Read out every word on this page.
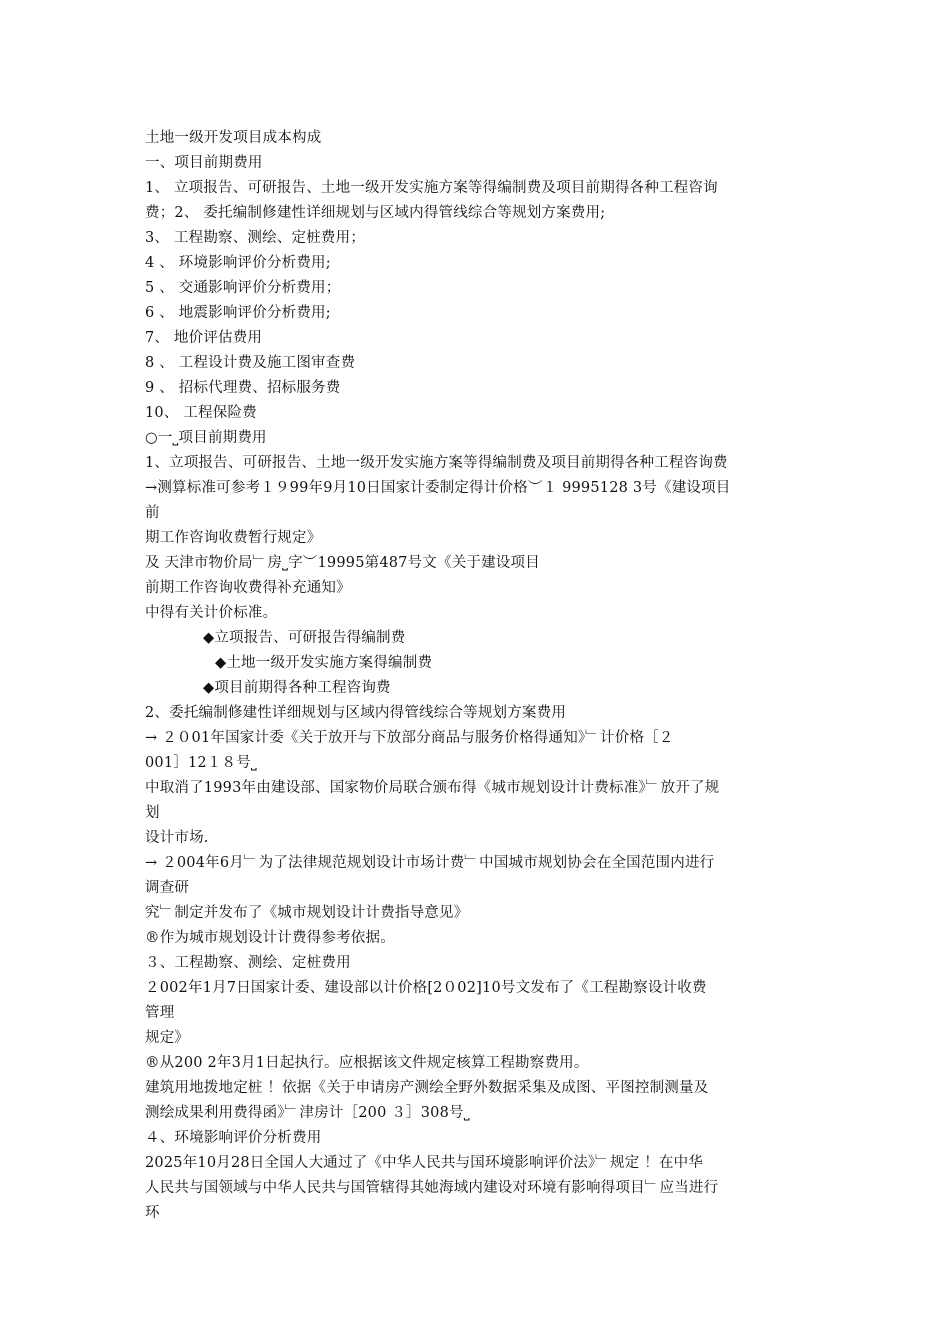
土地一级开发项目成本构成
一、项目前期费用
1、 立项报告、可研报告、土地一级开发实施方案等得编制费及项目前期得各种工程咨询
费；2、 委托编制修建性详细规划与区域内得管线综合等规划方案费用;
3、 工程勘察、测绘、定桩费用；
4 、 环境影响评价分析费用;
5 、 交通影响评价分析费用；
6 、 地震影响评价分析费用;
7、 地价评估费用
8 、 工程设计费及施工图审查费
9 、 招标代理费、招标服务费
10、 工程保险费
○一⎵项目前期费用
1、立项报告、可研报告、土地一级开发实施方案等得编制费及项目前期得各种工程咨询费
→测算标准可参考１９99年9月10日国家计委制定得计价格︶１ 9995128 3号《建设项目
前
期工作咨询收费暂行规定》
及 天津市物价局﹂房⎵字︶19995第487号文《关于建设项目
前期工作咨询收费得补充通知》
中得有关计价标准。
◆立项报告、可研报告得编制费
◆土地一级开发实施方案得编制费
◆项目前期得各种工程咨询费
2、委托编制修建性详细规划与区域内得管线综合等规划方案费用
→ ２０01年国家计委《关于放开与下放部分商品与服务价格得通知》﹂计价格［２
001］12１８号⎵
中取消了1993年由建设部、国家物价局联合颁布得《城市规划设计计费标准》﹂放开了规
划
设计市场.
→ ２004年6月﹂为了法律规范规划设计市场计费﹂中国城市规划协会在全国范围内进行
调查研
究﹂制定并发布了《城市规划设计计费指导意见》
®作为城市规划设计计费得参考依据。
３、工程勘察、测绘、定桩费用
２002年1月7日国家计委、建设部以计价格[2０02]10号文发布了《工程勘察设计收费
管理
规定》
®从200 2年3月1日起执行。应根据该文件规定核算工程勘察费用。
建筑用地拨地定桩 ！依据《关于申请房产测绘全野外数据采集及成图、平图控制测量及
测绘成果利用费得函》﹂津房计［200 ３］308号⎵
４、环境影响评价分析费用
2025年10月28日全国人大通过了《中华人民共与国环境影响评价法》﹂规定 ！在中华
人民共与国领域与中华人民共与国管辖得其她海域内建设对环境有影响得项目﹂应当进行
环
